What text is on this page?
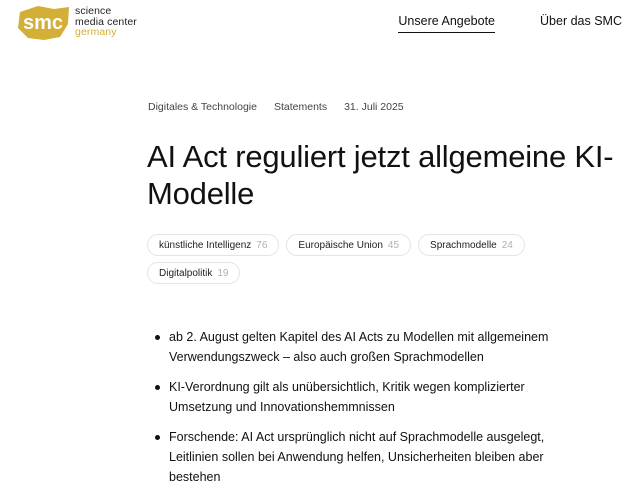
smc
science
media center
germany
Unsere Angebote	Über das SMC
Digitales & Technologie Statements 31. Juli 2025
AI Act reguliert jetzt allgemeine KI-Modelle
künstliche Intelligenz 76	Europäische Union 45	Sprachmodelle 24
Digitalpolitik 19
ab 2. August gelten Kapitel des AI Acts zu Modellen mit allgemeinem Verwendungszweck – also auch großen Sprachmodellen
KI-Verordnung gilt als unübersichtlich, Kritik wegen komplizierter Umsetzung und Innovationshemmnissen
Forschende: AI Act ursprünglich nicht auf Sprachmodelle ausgelegt, Leitlinien sollen bei Anwendung helfen, Unsicherheiten bleiben aber bestehen
